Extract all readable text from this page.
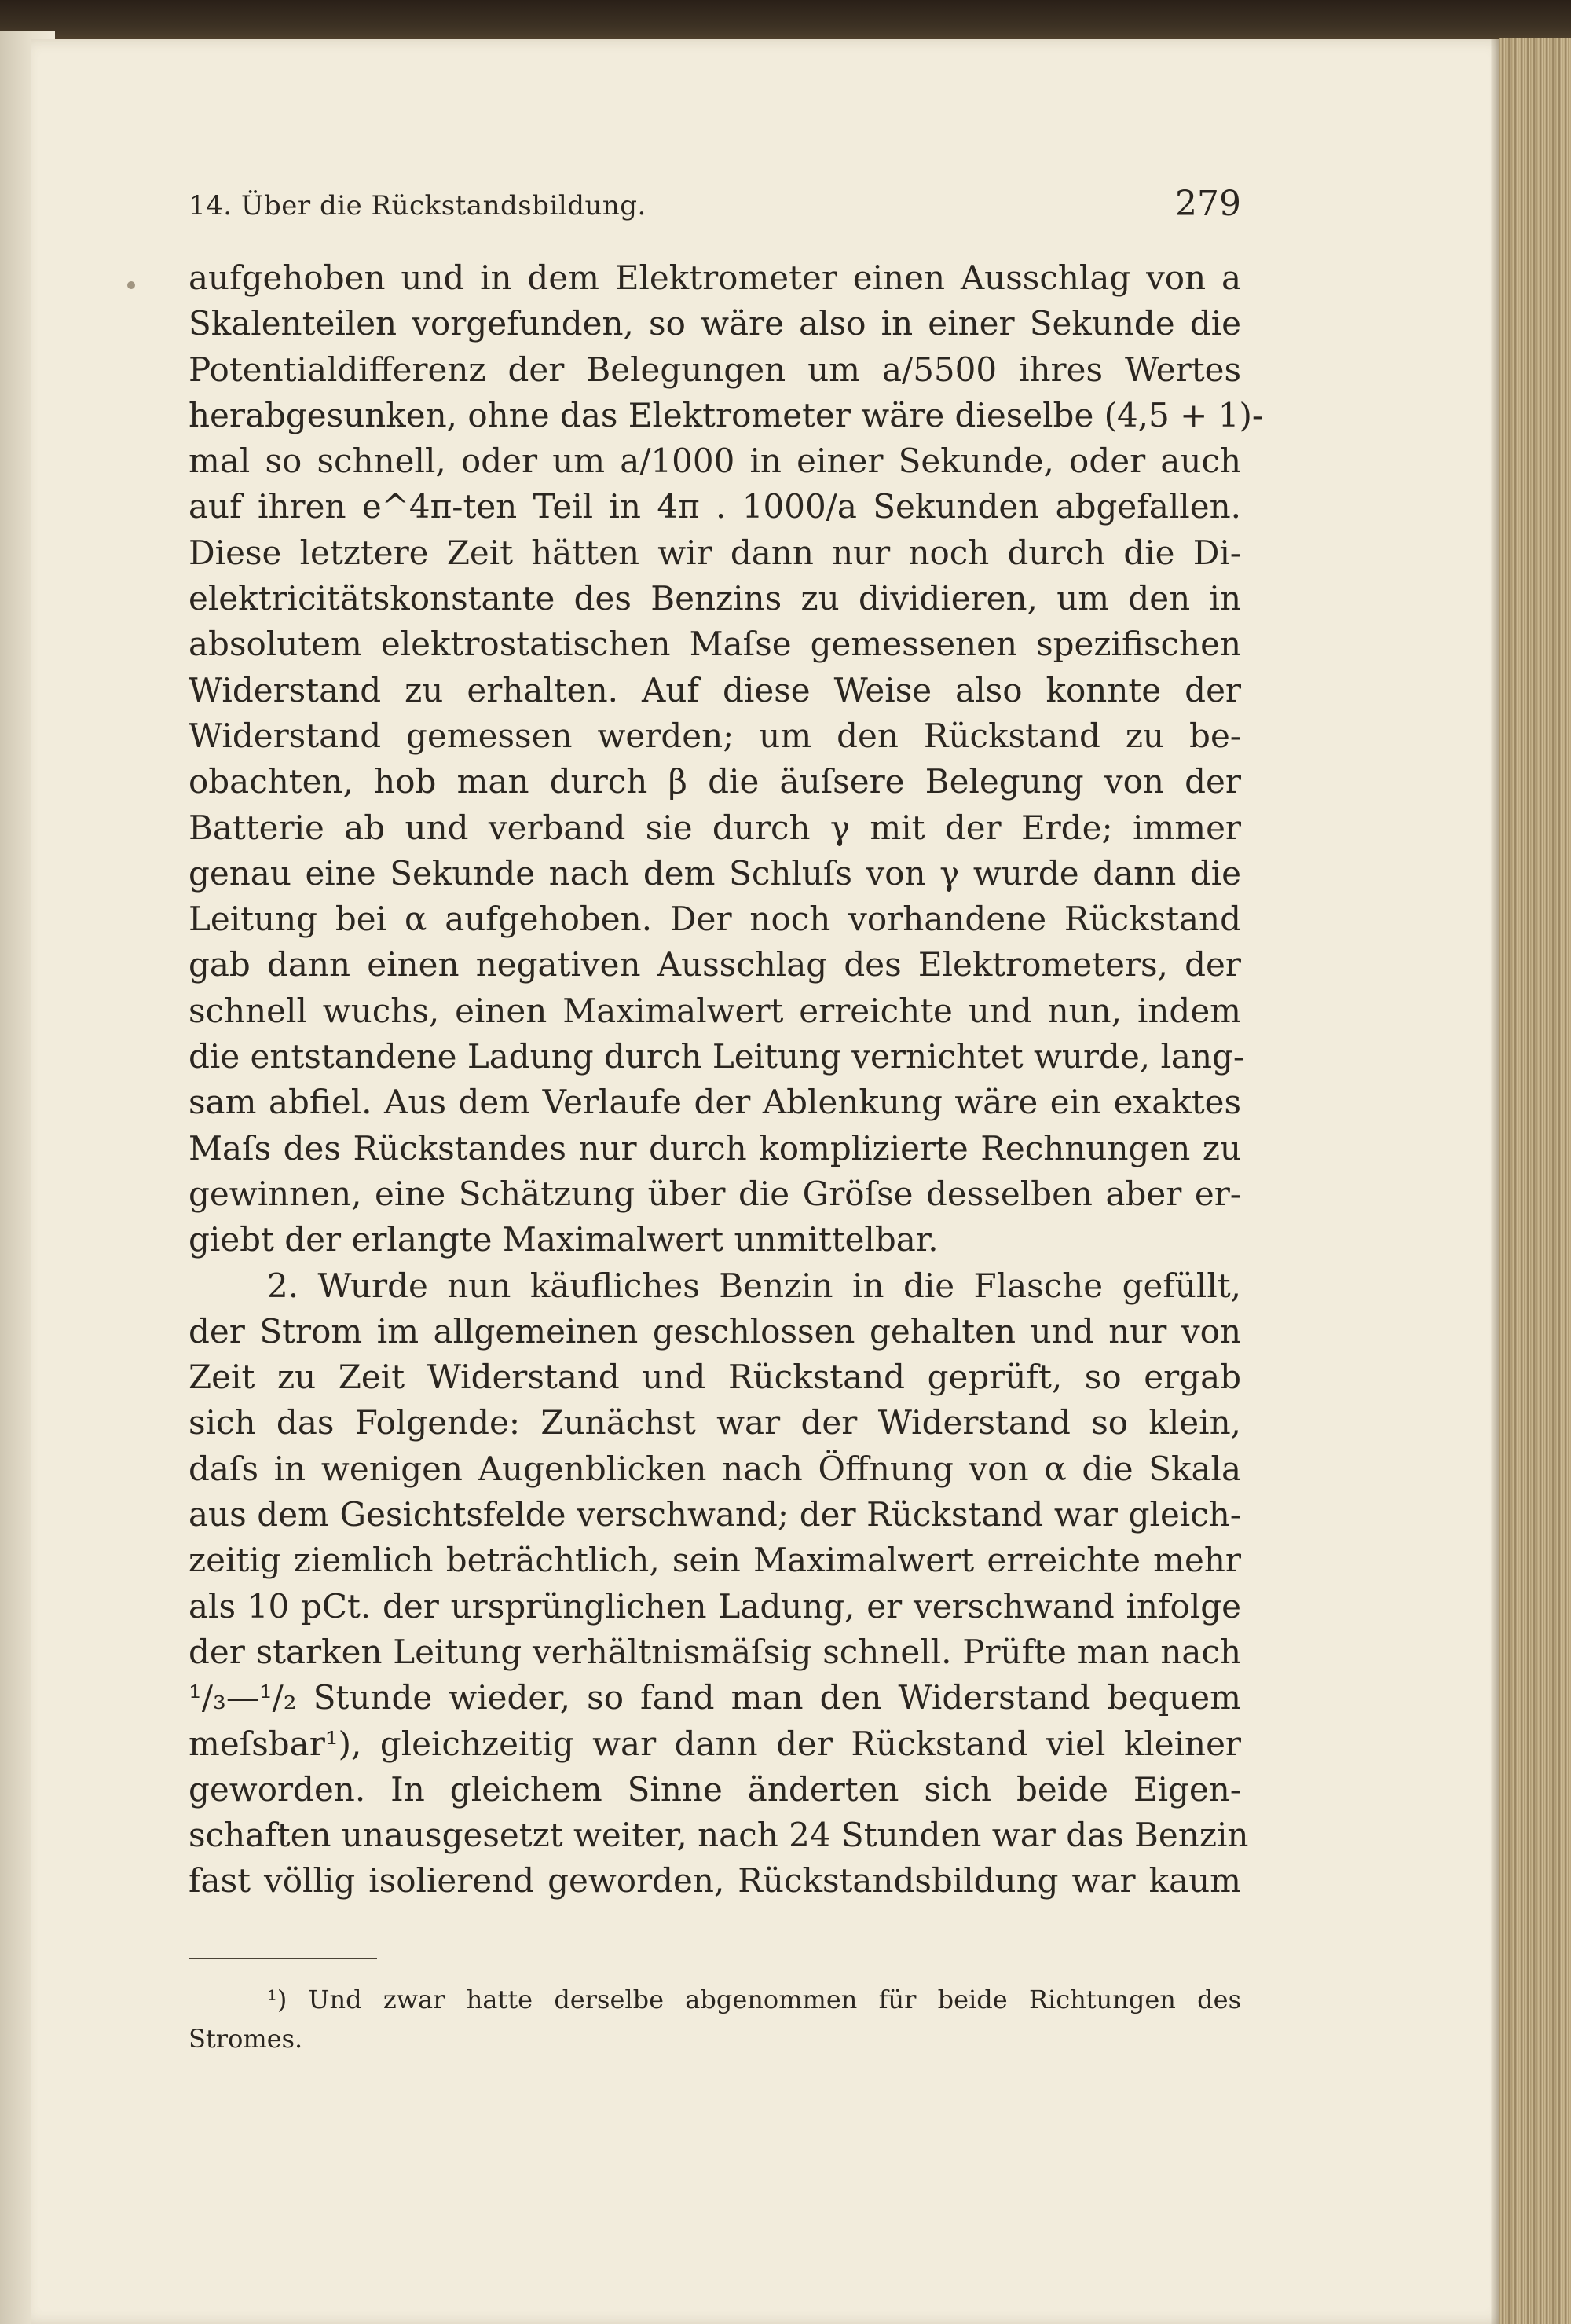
14. Über die Rückstandsbildung.	279
aufgehoben und in dem Elektrometer einen Ausschlag von a
Skalenteilen vorgefunden, so wäre also in einer Sekunde die
Potentialdifferenz der Belegungen um a/5500 ihres Wertes
herabgesunken, ohne das Elektrometer wäre dieselbe (4,5 + 1)-
mal so schnell, oder um a/1000 in einer Sekunde, oder auch
auf ihren e^4π-ten Teil in 4π . 1000/a Sekunden abgefallen.
Diese letztere Zeit hätten wir dann nur noch durch die Di-
elektricitätskonstante des Benzins zu dividieren, um den in
absolutem elektrostatischen Maſse gemessenen spezifischen
Widerstand zu erhalten. Auf diese Weise also konnte der
Widerstand gemessen werden; um den Rückstand zu be-
obachten, hob man durch β die äuſsere Belegung von der
Batterie ab und verband sie durch γ mit der Erde; immer
genau eine Sekunde nach dem Schluſs von γ wurde dann die
Leitung bei α aufgehoben. Der noch vorhandene Rückstand
gab dann einen negativen Ausschlag des Elektrometers, der
schnell wuchs, einen Maximalwert erreichte und nun, indem
die entstandene Ladung durch Leitung vernichtet wurde, lang-
sam abfiel. Aus dem Verlaufe der Ablenkung wäre ein exaktes
Maſs des Rückstandes nur durch komplizierte Rechnungen zu
gewinnen, eine Schätzung über die Gröſse desselben aber er-
giebt der erlangte Maximalwert unmittelbar.
2. Wurde nun käufliches Benzin in die Flasche gefüllt,
der Strom im allgemeinen geschlossen gehalten und nur von
Zeit zu Zeit Widerstand und Rückstand geprüft, so ergab
sich das Folgende: Zunächst war der Widerstand so klein,
daſs in wenigen Augenblicken nach Öffnung von α die Skala
aus dem Gesichtsfelde verschwand; der Rückstand war gleich-
zeitig ziemlich beträchtlich, sein Maximalwert erreichte mehr
als 10 pCt. der ursprünglichen Ladung, er verschwand infolge
der starken Leitung verhältnismäſsig schnell. Prüfte man nach
¹/₃—¹/₂ Stunde wieder, so fand man den Widerstand bequem
meſsbar¹), gleichzeitig war dann der Rückstand viel kleiner
geworden. In gleichem Sinne änderten sich beide Eigen-
schaften unausgesetzt weiter, nach 24 Stunden war das Benzin
fast völlig isolierend geworden, Rückstandsbildung war kaum
¹) Und zwar hatte derselbe abgenommen für beide Richtungen des
Stromes.
